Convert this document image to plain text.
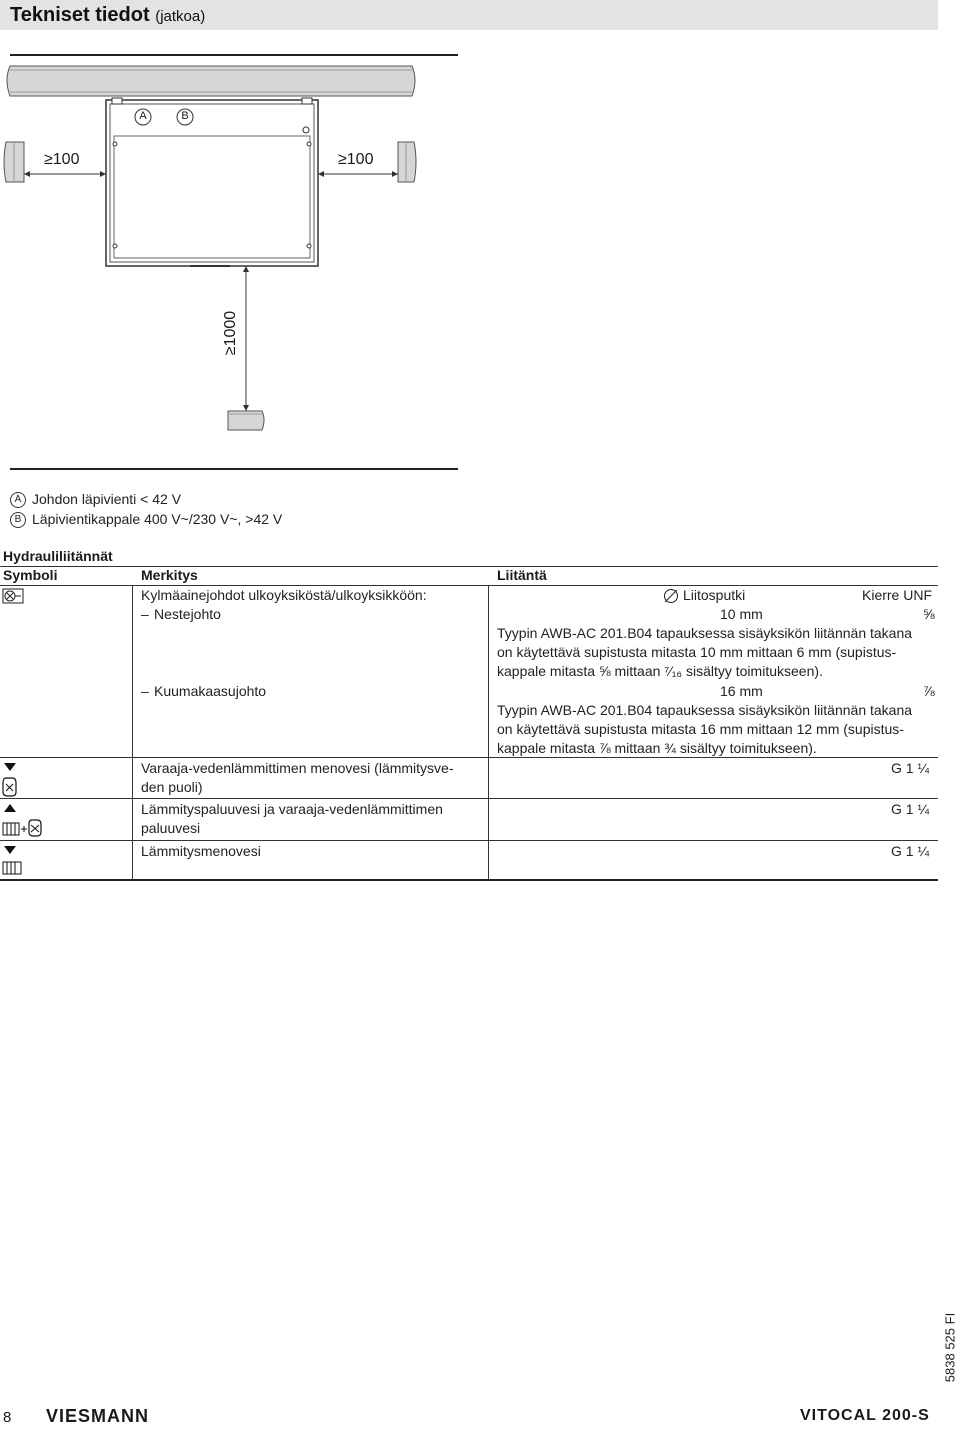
Tekniset tiedot (jatkoa)
A	B
≥100	≥100
≥1000
A Johdon läpivienti < 42 V
B Läpivientikappale 400 V~/230 V~, >42 V
Hydrauliliitännät
Symboli	Merkitys	Liitäntä
Kylmäainejohdot ulkoyksiköstä/ulkoyksikköön:	Liitosputki	Kierre UNF
– Nestejohto	10 mm	⅝
Tyypin AWB-AC 201.B04 tapauksessa sisäyksikön liitännän takana
on käytettävä supistusta mitasta 10 mm mittaan 6 mm (supistus-
kappale mitasta ⅝ mittaan ⁷⁄₁₆ sisältyy toimitukseen).
– Kuumakaasujohto	16 mm	⅞
Tyypin AWB-AC 201.B04 tapauksessa sisäyksikön liitännän takana
on käytettävä supistusta mitasta 16 mm mittaan 12 mm (supistus-
kappale mitasta ⅞ mittaan ¾ sisältyy toimitukseen).
Varaaja-vedenlämmittimen menovesi (lämmitysve-
den puoli)
G 1 ¼
Lämmityspaluuvesi ja varaaja-vedenlämmittimen
paluuvesi
G 1 ¼
Lämmitysmenovesi	G 1 ¼
8 VIESMANN	VITOCAL 200-S
5838 525 FI
